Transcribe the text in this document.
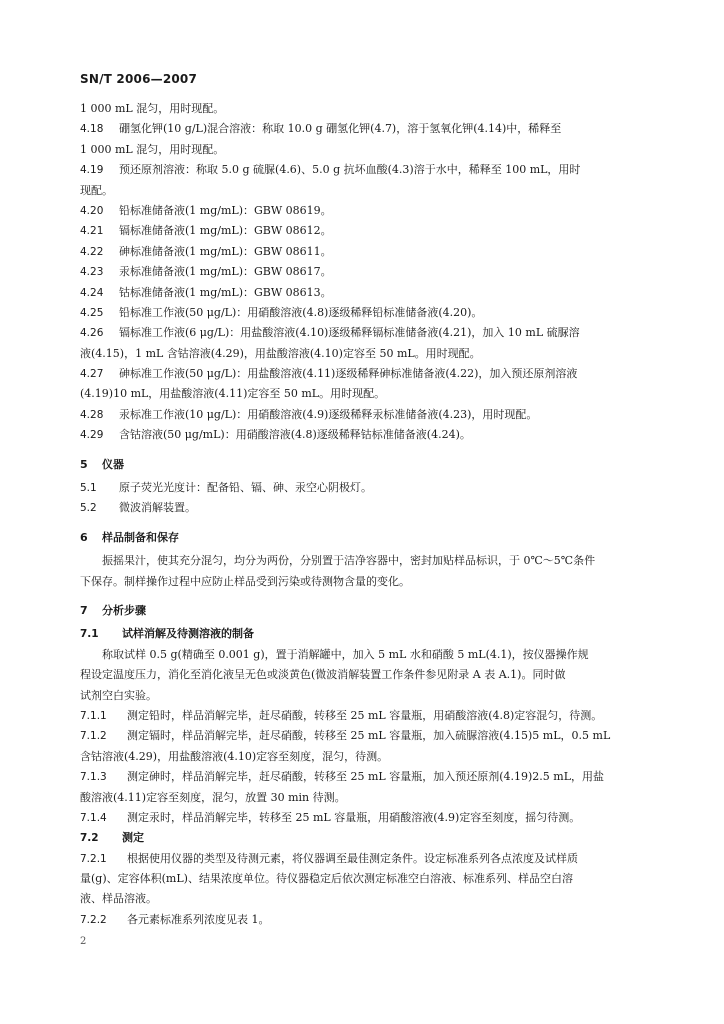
SN/T 2006—2007
1 000 mL 混匀，用时现配。
4.18 硼氢化钾(10 g/L)混合溶液：称取 10.0 g 硼氢化钾(4.7)，溶于氢氧化钾(4.14)中，稀释至
1 000 mL 混匀，用时现配。
4.19 预还原剂溶液：称取 5.0 g 硫脲(4.6)、5.0 g 抗坏血酸(4.3)溶于水中，稀释至 100 mL，用时
现配。
4.20 铅标准储备液(1 mg/mL)：GBW 08619。
4.21 镉标准储备液(1 mg/mL)：GBW 08612。
4.22 砷标准储备液(1 mg/mL)：GBW 08611。
4.23 汞标准储备液(1 mg/mL)：GBW 08617。
4.24 钴标准储备液(1 mg/mL)：GBW 08613。
4.25 铅标准工作液(50 μg/L)：用硝酸溶液(4.8)逐级稀释铅标准储备液(4.20)。
4.26 镉标准工作液(6 μg/L)：用盐酸溶液(4.10)逐级稀释镉标准储备液(4.21)，加入 10 mL 硫脲溶
液(4.15)，1 mL 含钴溶液(4.29)，用盐酸溶液(4.10)定容至 50 mL。用时现配。
4.27 砷标准工作液(50 μg/L)：用盐酸溶液(4.11)逐级稀释砷标准储备液(4.22)，加入预还原剂溶液
(4.19)10 mL，用盐酸溶液(4.11)定容至 50 mL。用时现配。
4.28 汞标准工作液(10 μg/L)：用硝酸溶液(4.9)逐级稀释汞标准储备液(4.23)，用时现配。
4.29 含钴溶液(50 μg/mL)：用硝酸溶液(4.8)逐级稀释钴标准储备液(4.24)。
5 仪器
5.1 原子荧光光度计：配备铅、镉、砷、汞空心阴极灯。
5.2 微波消解装置。
6 样品制备和保存
振摇果汁，使其充分混匀，均分为两份，分别置于洁净容器中，密封加贴样品标识，于 0℃～5℃条件
下保存。制样操作过程中应防止样品受到污染或待测物含量的变化。
7 分析步骤
7.1 试样消解及待测溶液的制备
称取试样 0.5 g(精确至 0.001 g)，置于消解罐中，加入 5 mL 水和硝酸 5 mL(4.1)，按仪器操作规
程设定温度压力，消化至消化液呈无色或淡黄色(微波消解装置工作条件参见附录 A 表 A.1)。同时做
试剂空白实验。
7.1.1 测定铅时，样品消解完毕，赶尽硝酸，转移至 25 mL 容量瓶，用硝酸溶液(4.8)定容混匀，待测。
7.1.2 测定镉时，样品消解完毕，赶尽硝酸，转移至 25 mL 容量瓶，加入硫脲溶液(4.15)5 mL，0.5 mL
含钴溶液(4.29)，用盐酸溶液(4.10)定容至刻度，混匀，待测。
7.1.3 测定砷时，样品消解完毕，赶尽硝酸，转移至 25 mL 容量瓶，加入预还原剂(4.19)2.5 mL，用盐
酸溶液(4.11)定容至刻度，混匀，放置 30 min 待测。
7.1.4 测定汞时，样品消解完毕，转移至 25 mL 容量瓶，用硝酸溶液(4.9)定容至刻度，摇匀待测。
7.2 测定
7.2.1 根据使用仪器的类型及待测元素，将仪器调至最佳测定条件。设定标准系列各点浓度及试样质
量(g)、定容体积(mL)、结果浓度单位。待仪器稳定后依次测定标准空白溶液、标准系列、样品空白溶
液、样品溶液。
7.2.2 各元素标准系列浓度见表 1。
2
